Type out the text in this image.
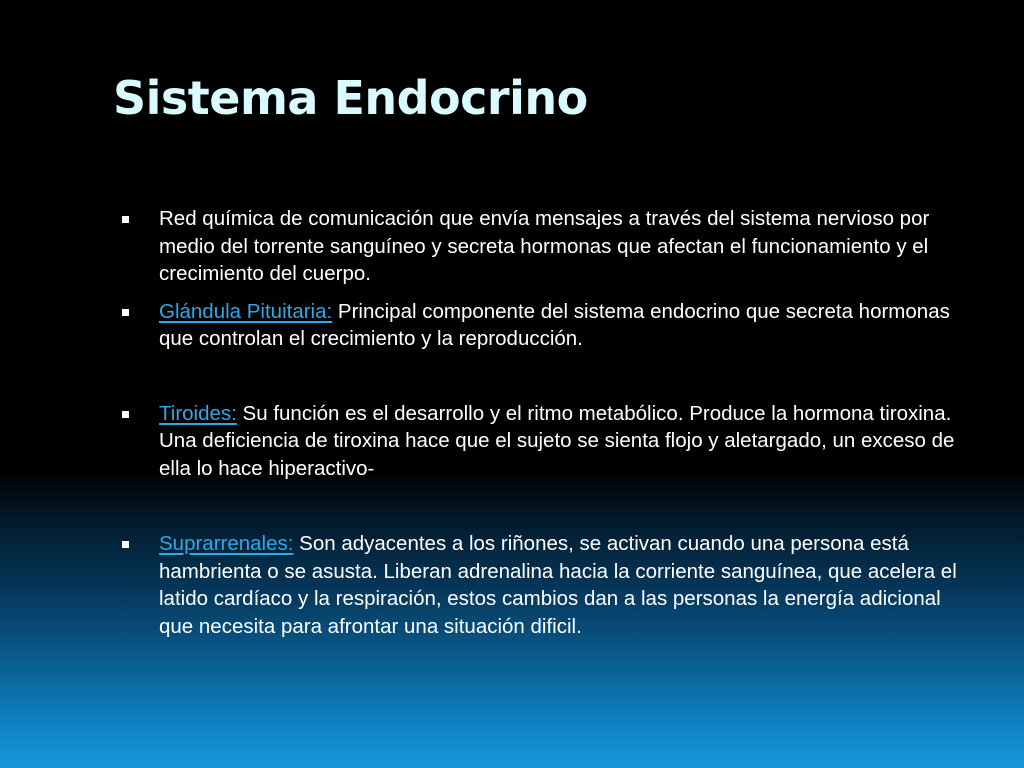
Sistema Endocrino
Red química de comunicación que envía mensajes a través del sistema nervioso por medio del torrente sanguíneo y secreta hormonas que afectan el funcionamiento y el crecimiento del cuerpo.
Glándula Pituitaria: Principal componente del sistema endocrino que secreta hormonas que controlan el crecimiento y la reproducción.
Tiroides: Su función es el desarrollo y el ritmo metabólico. Produce la hormona tiroxina. Una deficiencia de tiroxina hace que el sujeto se sienta flojo y aletargado, un exceso de ella lo hace hiperactivo-
Suprarrenales: Son adyacentes a los riñones, se activan cuando una persona está hambrienta o se asusta. Liberan adrenalina hacia la corriente sanguínea, que acelera el latido cardíaco y la respiración, estos cambios dan a las personas la energía adicional que necesita para afrontar una situación dificil.
